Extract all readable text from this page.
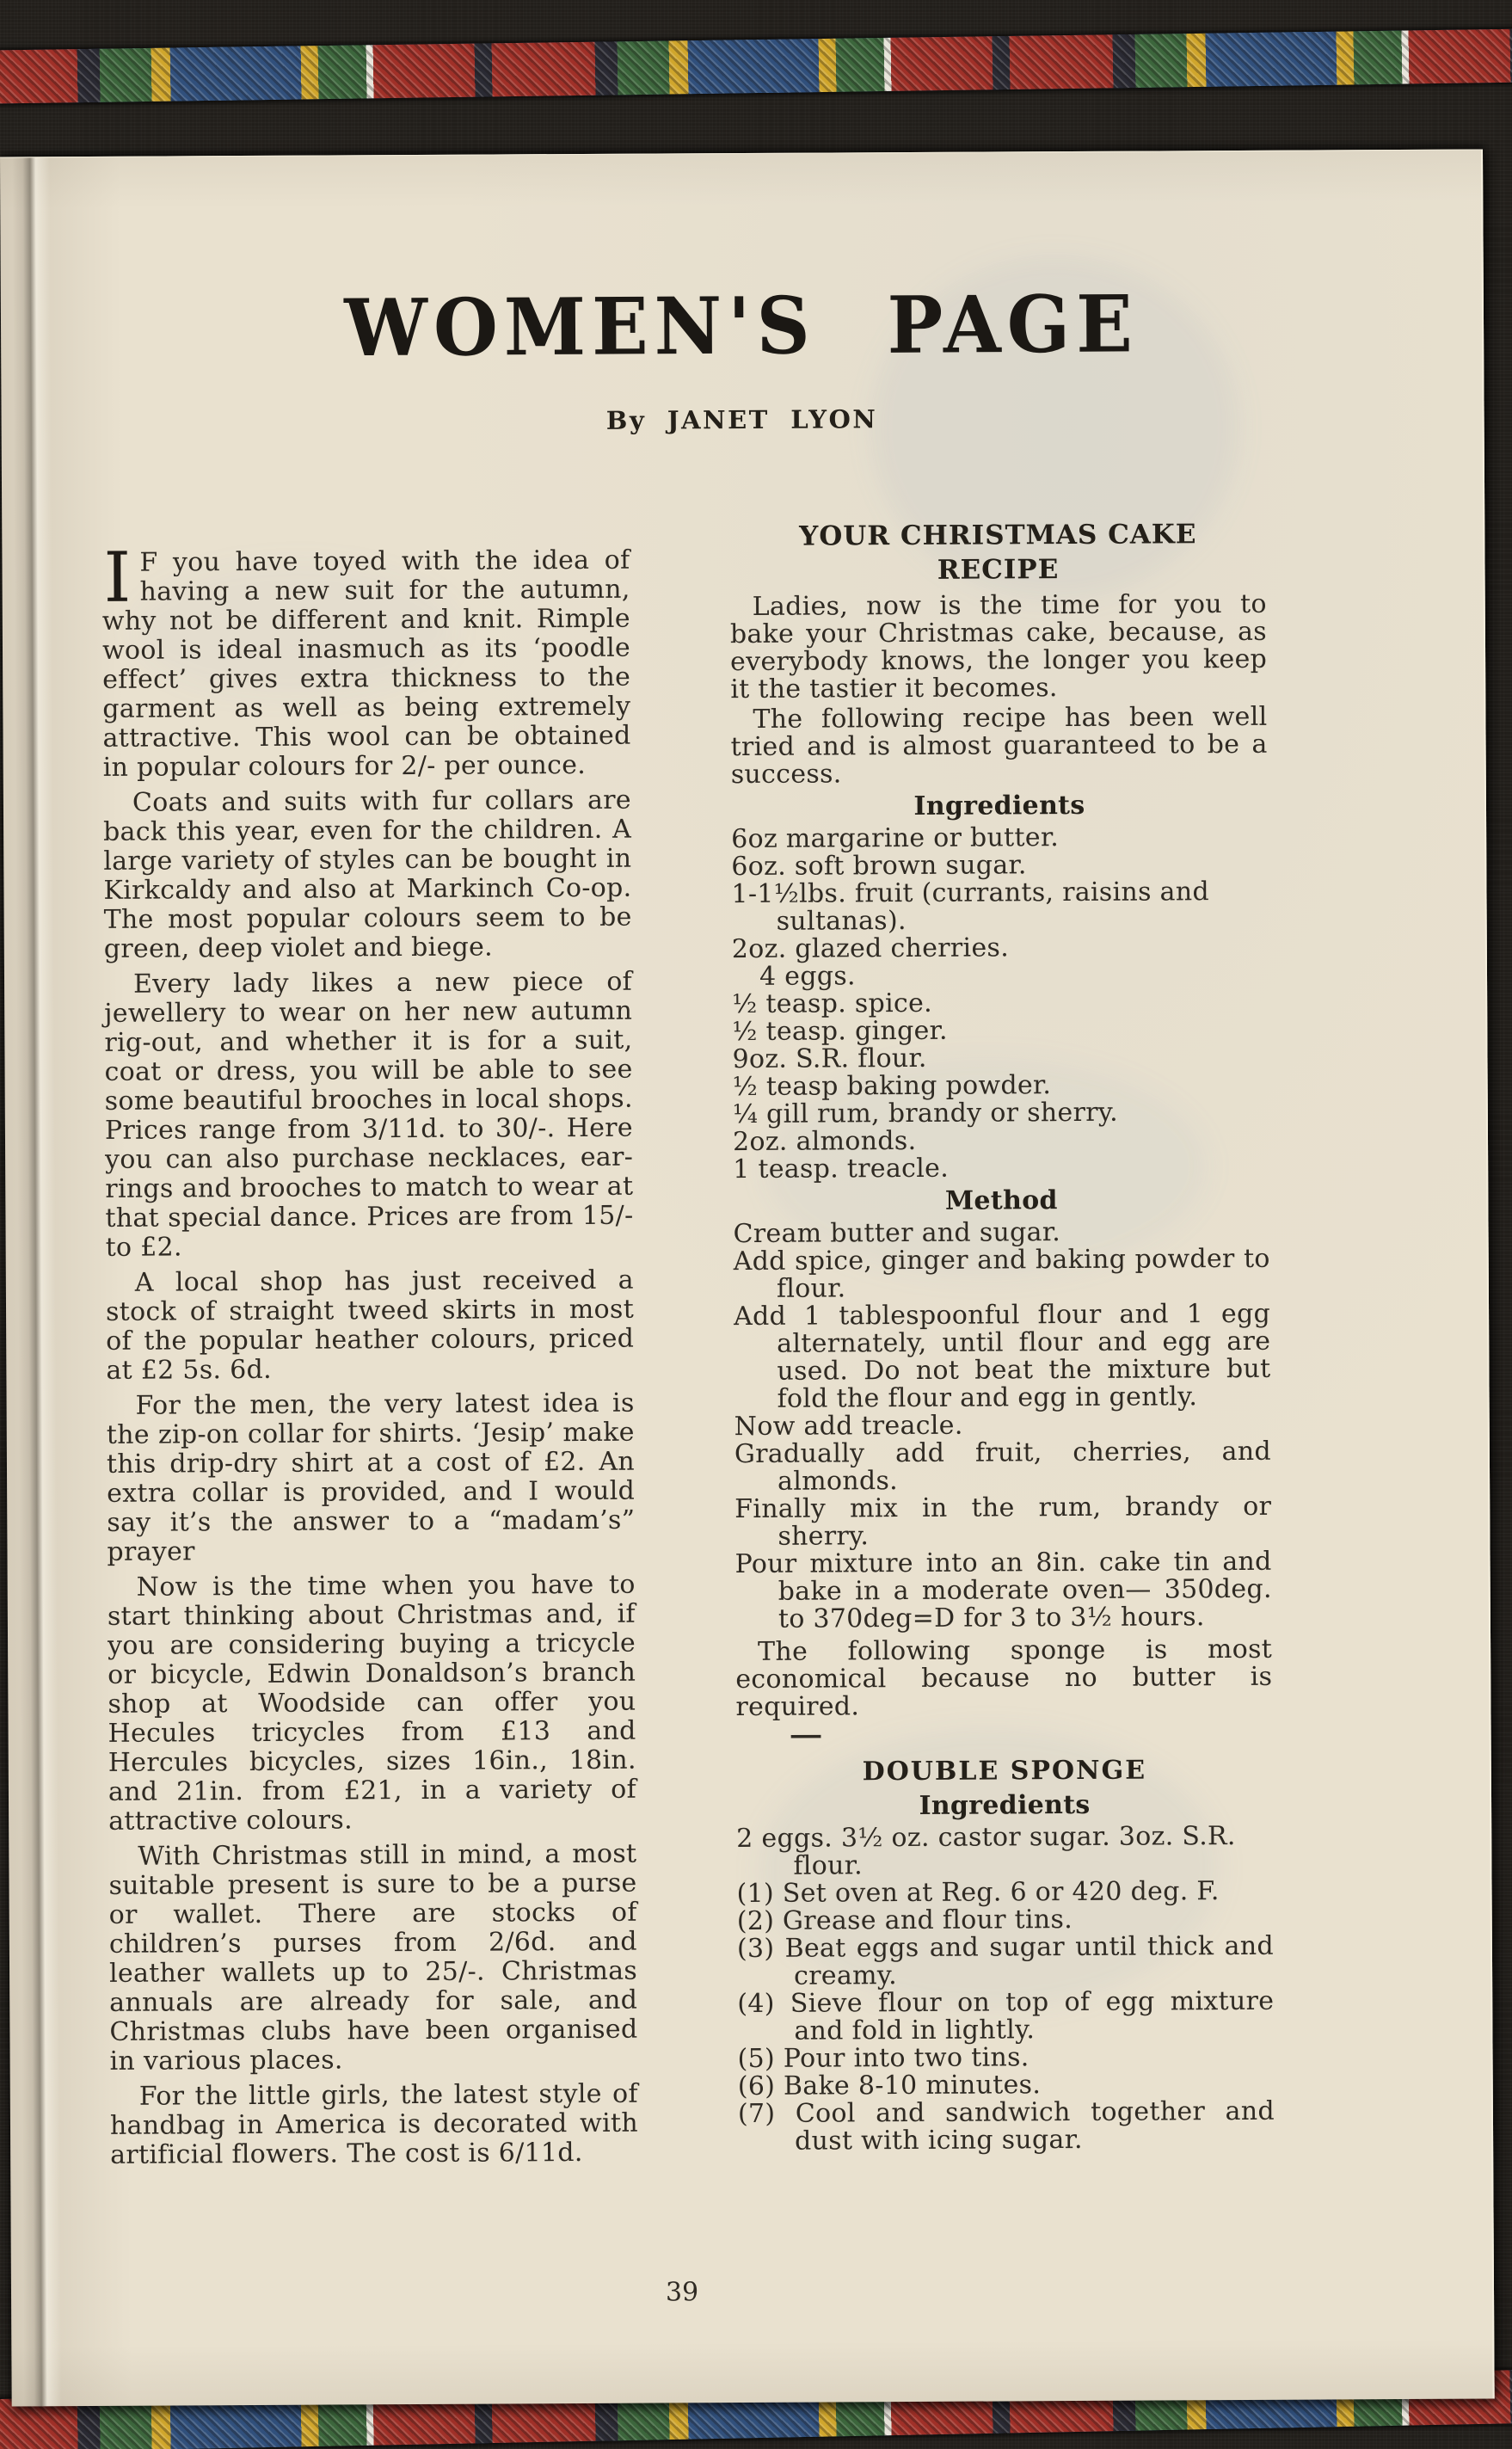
WOMEN'S PAGE
By JANET LYON

I F you have toyed with the idea of having a new suit for the autumn, why not be different and knit. Rimple wool is ideal inasmuch as its ‘poodle effect’ gives extra thickness to the garment as well as being extremely attractive. This wool can be obtained in popular colours for 2/- per ounce.

Coats and suits with fur collars are back this year, even for the children. A large variety of styles can be bought in Kirkcaldy and also at Markinch Co-op. The most popular colours seem to be green, deep violet and biege.

Every lady likes a new piece of jewellery to wear on her new autumn rig-out, and whether it is for a suit, coat or dress, you will be able to see some beautiful brooches in local shops. Prices range from 3/11d. to 30/-. Here you can also purchase necklaces, ear-rings and brooches to match to wear at that special dance. Prices are from 15/- to £2.

A local shop has just received a stock of straight tweed skirts in most of the popular heather colours, priced at £2 5s. 6d.

For the men, the very latest idea is the zip-on collar for shirts. ‘Jesip’ make this drip-dry shirt at a cost of £2. An extra collar is provided, and I would say it’s the answer to a “madam’s” prayer

Now is the time when you have to start thinking about Christmas and, if you are considering buying a tricycle or bicycle, Edwin Donaldson’s branch shop at Woodside can offer you Hecules tricycles from £13 and Hercules bicycles, sizes 16in., 18in. and 21in. from £21, in a variety of attractive colours.

With Christmas still in mind, a most suitable present is sure to be a purse or wallet. There are stocks of children’s purses from 2/6d. and leather wallets up to 25/-. Christmas annuals are already for sale, and Christmas clubs have been organised in various places.

For the little girls, the latest style of handbag in America is decorated with artificial flowers. The cost is 6/11d.

YOUR CHRISTMAS CAKE
RECIPE

Ladies, now is the time for you to bake your Christmas cake, because, as everybody knows, the longer you keep it the tastier it becomes.

The following recipe has been well tried and is almost guaranteed to be a success.

Ingredients
6oz margarine or butter.
6oz. soft brown sugar.
1-1½lbs. fruit (currants, raisins and sultanas).
2oz. glazed cherries.
4 eggs.
½ teasp. spice.
½ teasp. ginger.
9oz. S.R. flour.
½ teasp baking powder.
¼ gill rum, brandy or sherry.
2oz. almonds.
1 teasp. treacle.
Method
Cream butter and sugar.
Add spice, ginger and baking powder to flour.
Add 1 tablespoonful flour and 1 egg alternately, until flour and egg are used. Do not beat the mixture but fold the flour and egg in gently.
Now add treacle.
Gradually add fruit, cherries, and almonds.
Finally mix in the rum, brandy or sherry.
Pour mixture into an 8in. cake tin and bake in a moderate oven— 350deg. to 370deg=D for 3 to 3½ hours.

The following sponge is most economical because no butter is required.

—
DOUBLE SPONGE
Ingredients
2 eggs. 3½ oz. castor sugar. 3oz. S.R. flour.
(1) Set oven at Reg. 6 or 420 deg. F.
(2) Grease and flour tins.
(3) Beat eggs and sugar until thick and creamy.
(4) Sieve flour on top of egg mixture and fold in lightly.
(5) Pour into two tins.
(6) Bake 8-10 minutes.
(7) Cool and sandwich together and dust with icing sugar.
39
